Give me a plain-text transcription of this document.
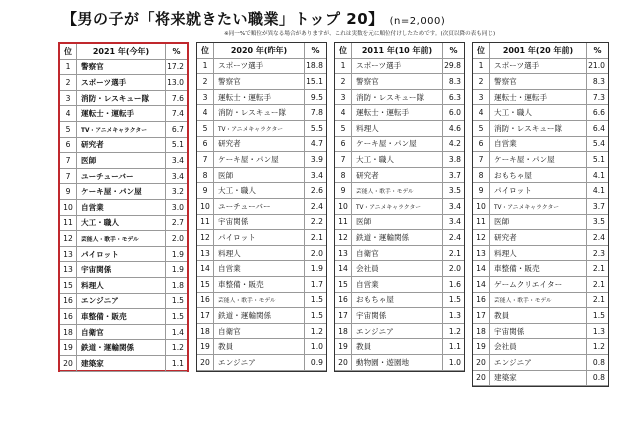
【男の子が「将来就きたい職業」トップ 20】 (n=2,000)
※同一%で順位が異なる場合がありますが、これは実数を元に順位付けしたためです。(次頁以降の表も同じ)
位	2021 年(今年)	%
1	警察官	17.2
2	スポーツ選手	13.0
3	消防・レスキュー隊	7.6
4	運転士・運転手	7.4
5	TV・アニメキャラクター	6.7
6	研究者	5.1
7	医師	3.4
7	ユーチューバー	3.4
9	ケーキ屋・パン屋	3.2
10	自営業	3.0
11	大工・職人	2.7
12	芸能人・歌手・モデル	2.0
13	パイロット	1.9
13	宇宙関係	1.9
15	料理人	1.8
16	エンジニア	1.5
16	車整備・販売	1.5
18	自衛官	1.4
19	鉄道・運輸関係	1.2
20	建築家	1.1
位	2020 年(昨年)	%
1	スポーツ選手	18.8
2	警察官	15.1
3	運転士・運転手	9.5
4	消防・レスキュー隊	7.8
5	TV・アニメキャラクター	5.5
6	研究者	4.7
7	ケーキ屋・パン屋	3.9
8	医師	3.4
9	大工・職人	2.6
10	ユーチューバー	2.4
11	宇宙関係	2.2
12	パイロット	2.1
13	料理人	2.0
14	自営業	1.9
15	車整備・販売	1.7
16	芸能人・歌手・モデル	1.5
17	鉄道・運輸関係	1.5
18	自衛官	1.2
19	教員	1.0
20	エンジニア	0.9
位	2011 年(10 年前)	%
1	スポーツ選手	29.8
2	警察官	8.3
3	消防・レスキュー隊	6.3
4	運転士・運転手	6.0
5	料理人	4.6
6	ケーキ屋・パン屋	4.2
7	大工・職人	3.8
8	研究者	3.7
9	芸能人・歌手・モデル	3.5
10	TV・アニメキャラクター	3.4
11	医師	3.4
12	鉄道・運輸関係	2.4
13	自衛官	2.1
14	会社員	2.0
15	自営業	1.6
16	おもちゃ屋	1.5
17	宇宙関係	1.3
18	エンジニア	1.2
19	教員	1.1
20	動物園・遊園地	1.0
位	2001 年(20 年前)	%
1	スポーツ選手	21.0
2	警察官	8.3
3	運転士・運転手	7.3
4	大工・職人	6.6
5	消防・レスキュー隊	6.4
6	自営業	5.4
7	ケーキ屋・パン屋	5.1
8	おもちゃ屋	4.1
9	パイロット	4.1
10	TV・アニメキャラクター	3.7
11	医師	3.5
12	研究者	2.4
13	料理人	2.3
14	車整備・販売	2.1
14	ゲームクリエイター	2.1
16	芸能人・歌手・モデル	2.1
17	教員	1.5
18	宇宙関係	1.3
19	会社員	1.2
20	エンジニア	0.8
20	建築家	0.8
